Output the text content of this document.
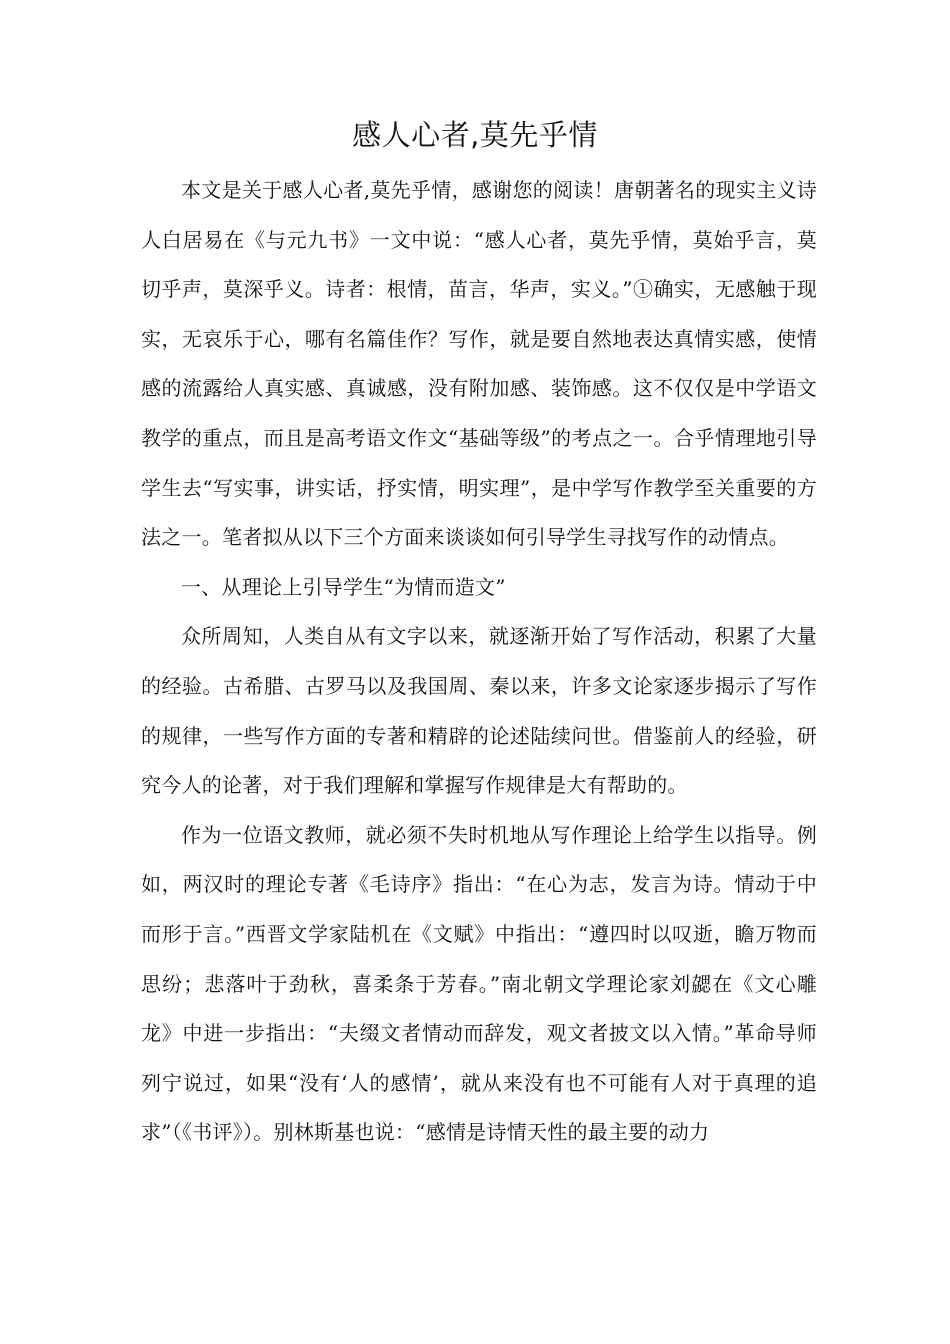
感人心者,莫先乎情

本文是关于感人心者,莫先乎情，感谢您的阅读！唐朝著名的现实主义诗人白居易在《与元九书》一文中说：“感人心者，莫先乎情，莫始乎言，莫切乎声，莫深乎义。诗者：根情，苗言，华声，实义。”①确实，无感触于现实，无哀乐于心，哪有名篇佳作？写作，就是要自然地表达真情实感，使情感的流露给人真实感、真诚感，没有附加感、装饰感。这不仅仅是中学语文教学的重点，而且是高考语文作文“基础等级”的考点之一。合乎情理地引导学生去“写实事，讲实话，抒实情，明实理”，是中学写作教学至关重要的方法之一。笔者拟从以下三个方面来谈谈如何引导学生寻找写作的动情点。

一、从理论上引导学生“为情而造文”

众所周知，人类自从有文字以来，就逐渐开始了写作活动，积累了大量的经验。古希腊、古罗马以及我国周、秦以来，许多文论家逐步揭示了写作的规律，一些写作方面的专著和精辟的论述陆续问世。借鉴前人的经验，研究今人的论著，对于我们理解和掌握写作规律是大有帮助的。

作为一位语文教师，就必须不失时机地从写作理论上给学生以指导。例如，两汉时的理论专著《毛诗序》指出：“在心为志，发言为诗。情动于中而形于言。”西晋文学家陆机在《文赋》中指出：“遵四时以叹逝，瞻万物而思纷；悲落叶于劲秋，喜柔条于芳春。”南北朝文学理论家刘勰在《文心雕龙》中进一步指出：“夫缀文者情动而辞发，观文者披文以入情。”革命导师列宁说过，如果“没有‘人的感情’，就从来没有也不可能有人对于真理的追求”（《书评》）。别林斯基也说：“感情是诗情天性的最主要的动力
